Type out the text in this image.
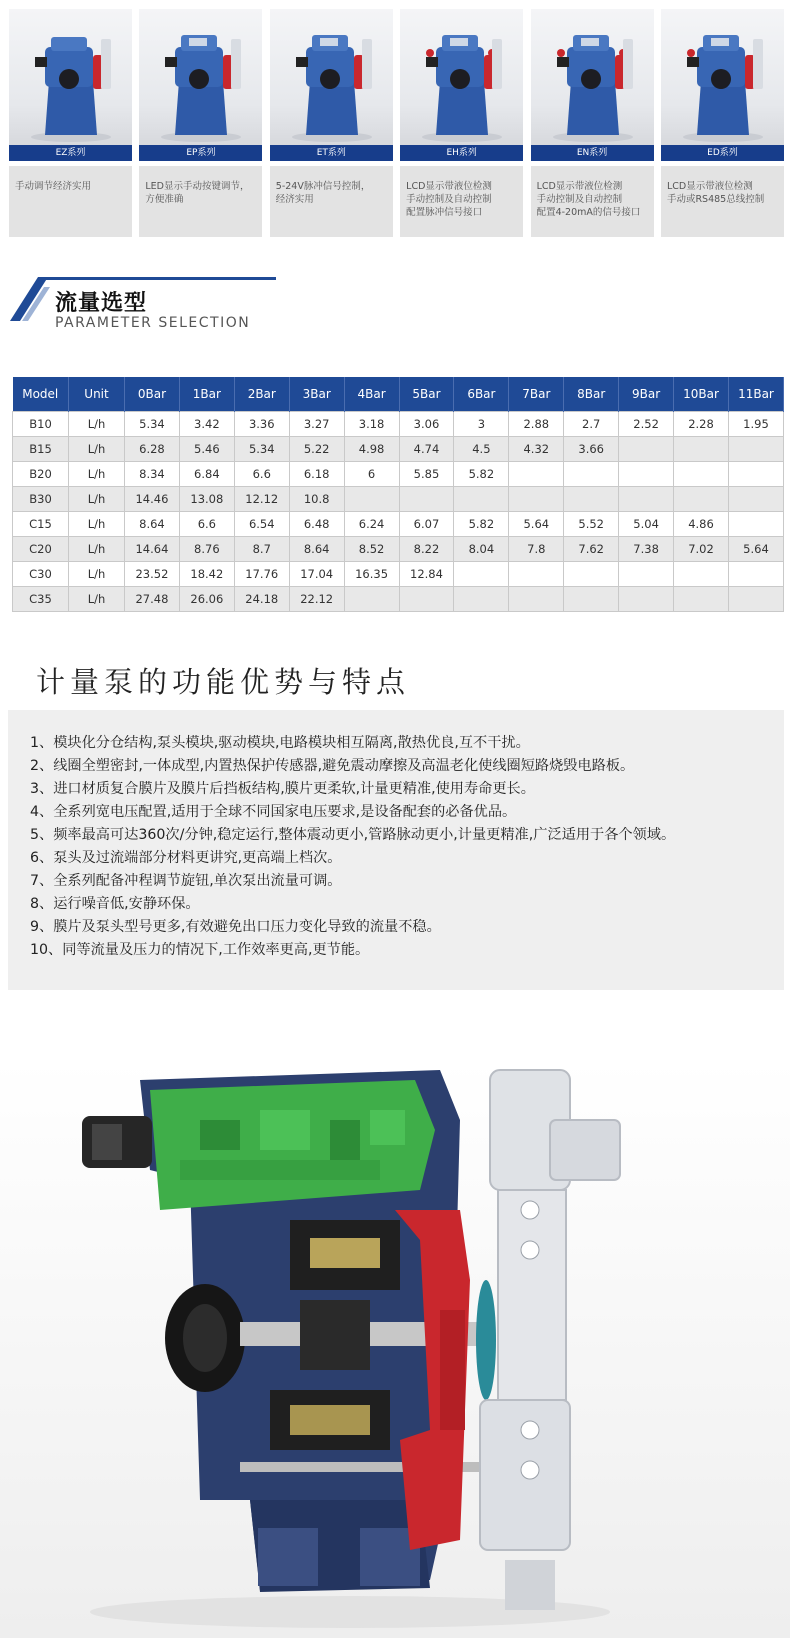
EZ系列
手动调节经济实用
EP系列
LED显示手动按键调节，
方便准确
ET系列
5-24V脉冲信号控制，
经济实用
EH系列
LCD显示带液位检测
手动控制及自动控制
配置脉冲信号接口
EN系列
LCD显示带液位检测
手动控制及自动控制
配置4-20mA的信号接口
ED系列
LCD显示带液位检测
手动或RS485总线控制
流量选型
PARAMETER SELECTION
Model	Unit	0Bar	1Bar	2Bar	3Bar	4Bar	5Bar	6Bar	7Bar	8Bar	9Bar	10Bar	11Bar
B10	L/h	5.34	3.42	3.36	3.27	3.18	3.06	3	2.88	2.7	2.52	2.28	1.95
B15	L/h	6.28	5.46	5.34	5.22	4.98	4.74	4.5	4.32	3.66			
B20	L/h	8.34	6.84	6.6	6.18	6	5.85	5.82					
B30	L/h	14.46	13.08	12.12	10.8								
C15	L/h	8.64	6.6	6.54	6.48	6.24	6.07	5.82	5.64	5.52	5.04	4.86	
C20	L/h	14.64	8.76	8.7	8.64	8.52	8.22	8.04	7.8	7.62	7.38	7.02	5.64
C30	L/h	23.52	18.42	17.76	17.04	16.35	12.84						
C35	L/h	27.48	26.06	24.18	22.12								
计量泵的功能优势与特点
1、模块化分仓结构,泵头模块,驱动模块,电路模块相互隔离,散热优良,互不干扰。
2、线圈全塑密封,一体成型,内置热保护传感器,避免震动摩擦及高温老化使线圈短路烧毁电路板。
3、进口材质复合膜片及膜片后挡板结构,膜片更柔软,计量更精准,使用寿命更长。
4、全系列宽电压配置,适用于全球不同国家电压要求,是设备配套的必备优品。
5、频率最高可达360次/分钟,稳定运行,整体震动更小,管路脉动更小,计量更精准,广泛适用于各个领域。
6、泵头及过流端部分材料更讲究,更高端上档次。
7、全系列配备冲程调节旋钮,单次泵出流量可调。
8、运行噪音低,安静环保。
9、膜片及泵头型号更多,有效避免出口压力变化导致的流量不稳。
10、同等流量及压力的情况下,工作效率更高,更节能。
